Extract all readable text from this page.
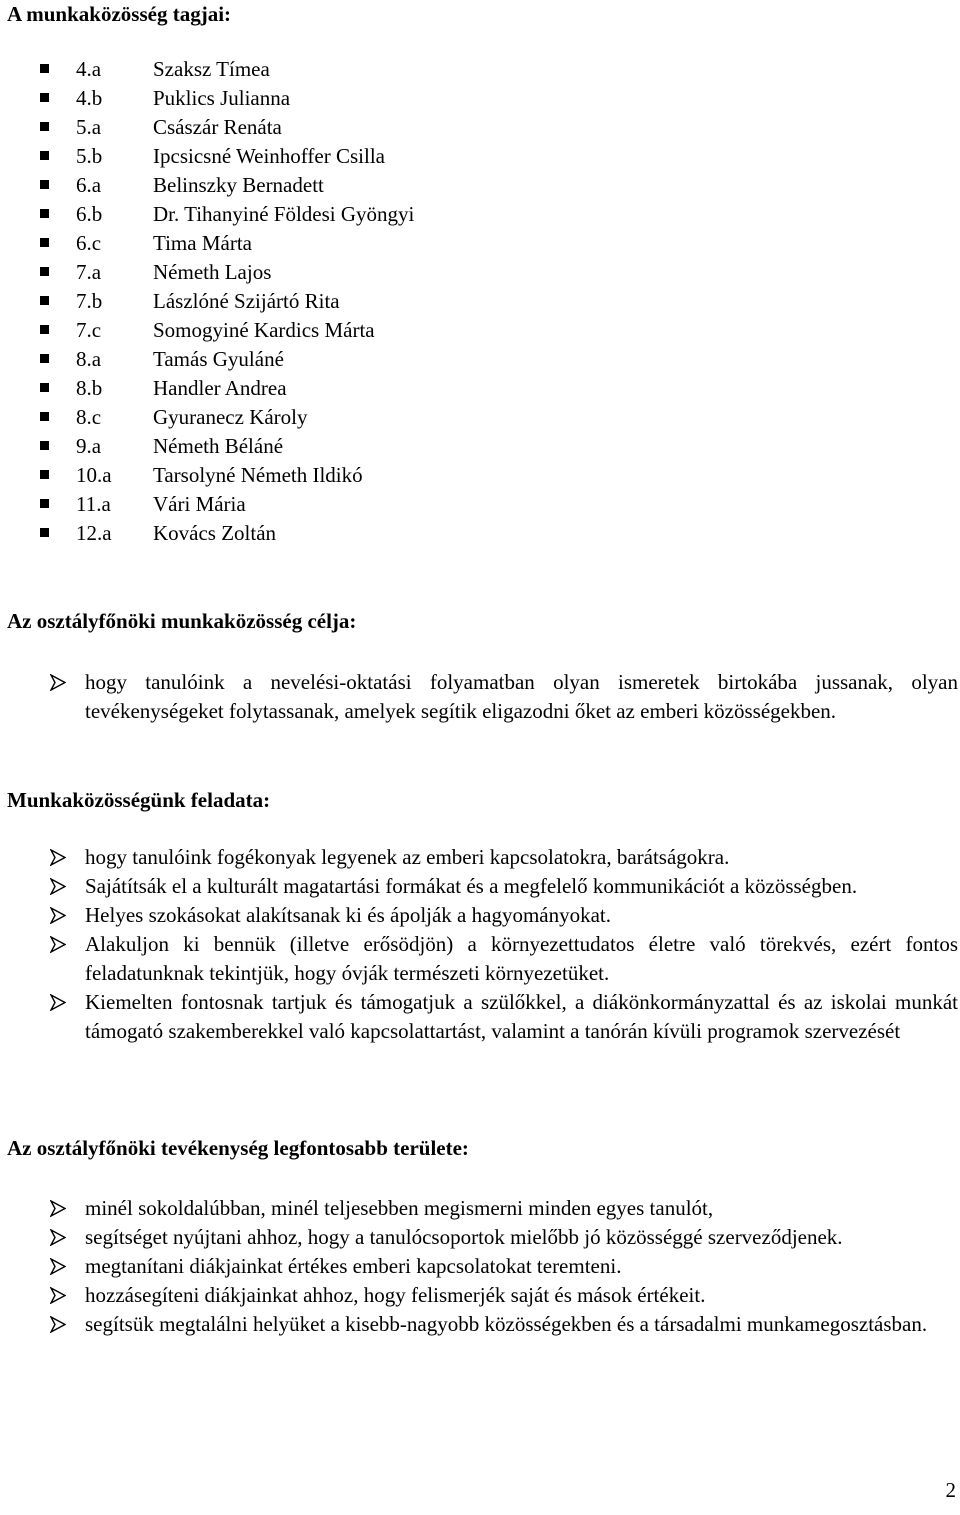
A munkaközösség tagjai:
4.a Szaksz Tímea
4.b Puklics Julianna
5.a Császár Renáta
5.b Ipcsicsné Weinhoffer Csilla
6.a Belinszky Bernadett
6.b Dr. Tihanyiné Földesi Gyöngyi
6.c Tima Márta
7.a Németh Lajos
7.b Lászlóné Szijártó Rita
7.c Somogyiné Kardics Márta
8.a Tamás Gyuláné
8.b Handler Andrea
8.c Gyuranecz Károly
9.a Németh Béláné
10.a Tarsolyné Németh Ildikó
11.a Vári Mária
12.a Kovács Zoltán
Az osztályfőnöki munkaközösség célja:
hogy tanulóink a nevelési-oktatási folyamatban olyan ismeretek birtokába jussanak, olyan tevékenységeket folytassanak, amelyek segítik eligazodni őket az emberi közösségekben.
Munkaközösségünk feladata:
hogy tanulóink fogékonyak legyenek az emberi kapcsolatokra, barátságokra.
Sajátítsák el a kulturált magatartási formákat és a megfelelő kommunikációt a közösségben.
Helyes szokásokat alakítsanak ki és ápolják a hagyományokat.
Alakuljon ki bennük (illetve erősödjön) a környezettudatos életre való törekvés, ezért fontos feladatunknak tekintjük, hogy óvják természeti környezetüket.
Kiemelten fontosnak tartjuk és támogatjuk a szülőkkel, a diákönkormányzattal és az iskolai munkát támogató szakemberekkel való kapcsolattartást, valamint a tanórán kívüli programok szervezését
Az osztályfőnöki tevékenység legfontosabb területe:
minél sokoldalúbban, minél teljesebben megismerni minden egyes tanulót,
segítséget nyújtani ahhoz, hogy a tanulócsoportok mielőbb jó közösséggé szerveződjenek.
megtanítani diákjainkat értékes emberi kapcsolatokat teremteni.
hozzásegíteni diákjainkat ahhoz, hogy felismerjék saját és mások értékeit.
segítsük megtalálni helyüket a kisebb-nagyobb közösségekben és a társadalmi munkamegosztásban.
2
